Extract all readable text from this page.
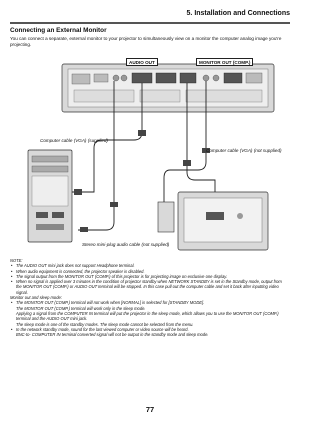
5. Installation and Connections
Connecting an External Monitor
You can connect a separate, external monitor to your projector to simultaneously view on a monitor the computer analog image you're projecting.
AUDIO OUT	MONITOR OUT (COMP.)
Computer cable (VGA) (supplied)
Computer cable (VGA) (not supplied)
Stereo mini-plug audio cable (not supplied)

NOTE:

• The AUDIO OUT mini jack does not support Headphone terminal.
• When audio equipment is connected, the projector speaker is disabled.
• The signal output from the MONITOR OUT (COMP.) of this projector is for projecting image on exclusive one display.
• When no signal is applied over 3 minutes in the condition of projector standby when NETWORK STANDBY is set in the Standby mode, output from the MONITOR OUT (COMP.) or AUDIO OUT terminal will be stopped. In this case pull out the computer cable and set it back after inputting video signal.

Monitor out and sleep mode:

• The MONITOR OUT (COMP.) terminal will not work when [NORMAL] is selected for [STANDBY MODE].
The MONITOR OUT (COMP.) terminal will work only in the sleep mode.
Applying a signal from the COMPUTER IN terminal will put the projector in the sleep mode, which allows you to use the MONITOR OUT (COMP.) terminal and the AUDIO OUT mini jack.
The sleep mode is one of the standby modes. The sleep mode cannot be selected from the menu.
• In the network standby mode, sound for the last viewed computer or video source will be heard.
BNC-to- COMPUTER IN terminal converted signal will not be output in the standby mode and sleep mode.
77
